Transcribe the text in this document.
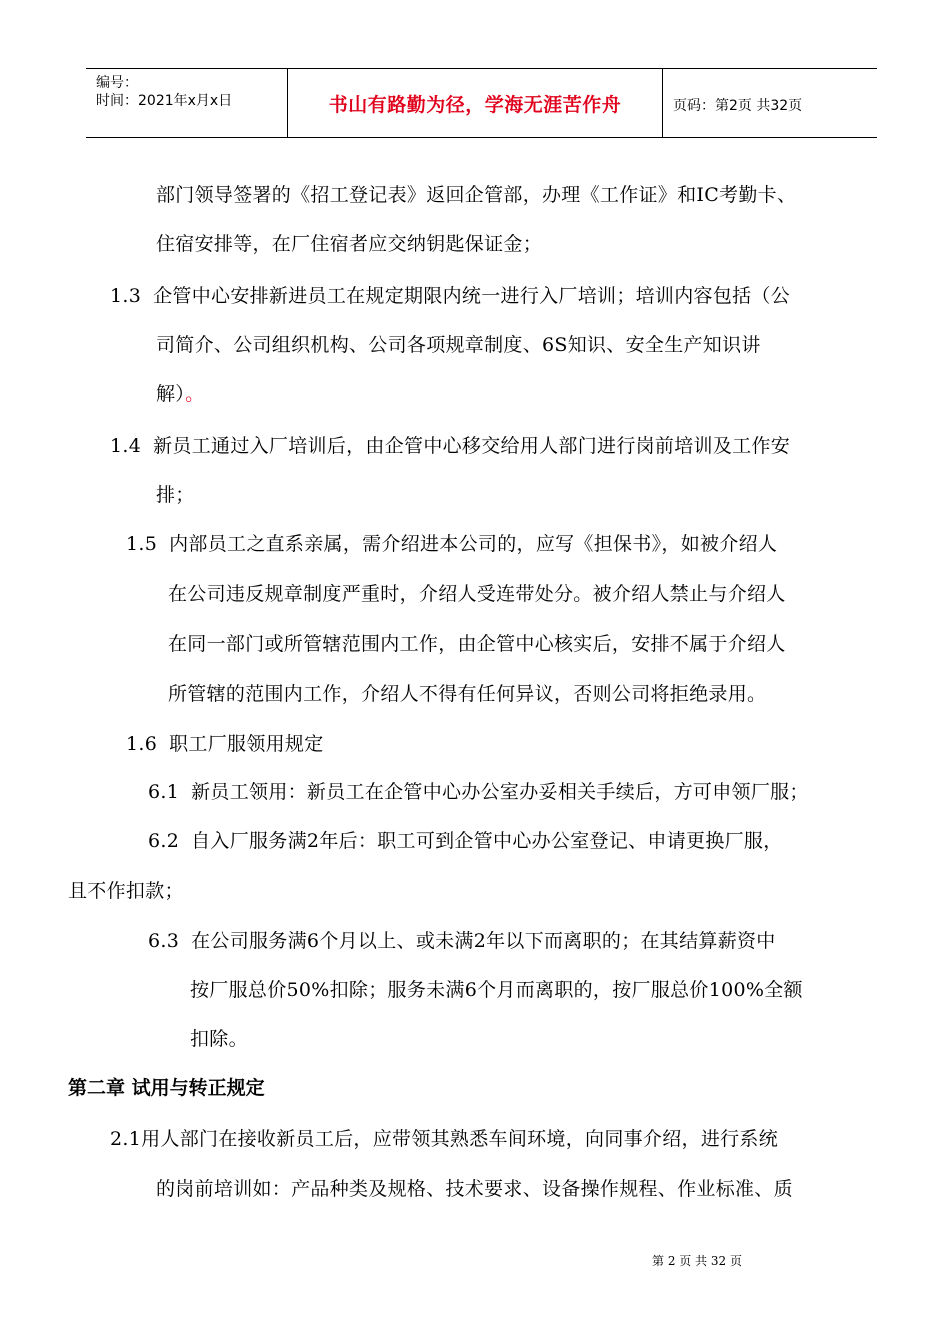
编号：
时间：2021年x月x日	书山有路勤为径，学海无涯苦作舟	页码：第2页 共32页
部门领导签署的《招工登记表》返回企管部，办理《工作证》和IC考勤卡、
住宿安排等，在厂住宿者应交纳钥匙保证金；
1.3 企管中心安排新进员工在规定期限内统一进行入厂培训；培训内容包括（公
司简介、公司组织机构、公司各项规章制度、6S知识、安全生产知识讲
解）。
1.4 新员工通过入厂培训后，由企管中心移交给用人部门进行岗前培训及工作安
排；
1.5 内部员工之直系亲属，需介绍进本公司的，应写《担保书》，如被介绍人
在公司违反规章制度严重时，介绍人受连带处分。被介绍人禁止与介绍人
在同一部门或所管辖范围内工作，由企管中心核实后，安排不属于介绍人
所管辖的范围内工作，介绍人不得有任何异议，否则公司将拒绝录用。
1.6 职工厂服领用规定
6.1 新员工领用：新员工在企管中心办公室办妥相关手续后，方可申领厂服；
6.2 自入厂服务满2年后：职工可到企管中心办公室登记、申请更换厂服，
且不作扣款；
6.3 在公司服务满6个月以上、或未满2年以下而离职的；在其结算薪资中
按厂服总价50%扣除；服务未满6个月而离职的，按厂服总价100%全额
扣除。
第二章 试用与转正规定
2.1用人部门在接收新员工后，应带领其熟悉车间环境，向同事介绍，进行系统
的岗前培训如：产品种类及规格、技术要求、设备操作规程、作业标准、质
第 2 页 共 32 页
